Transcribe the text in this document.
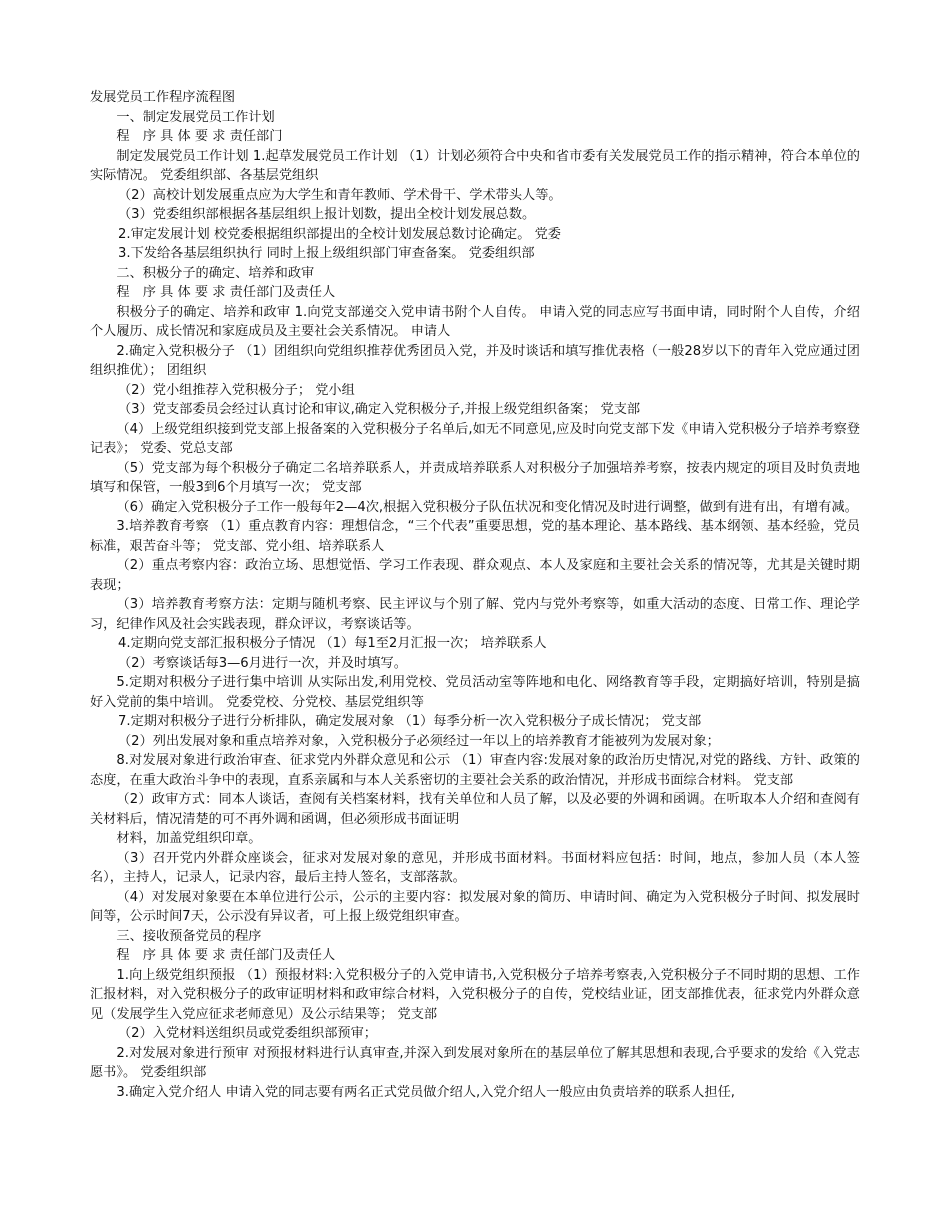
发展党员工作程序流程图

一、制定发展党员工作计划

程　序 具 体 要 求 责任部门

制定发展党员工作计划 1.起草发展党员工作计划 （1）计划必须符合中央和省市委有关发展党员工作的指示精神，符合本单位的实际情况。 党委组织部、各基层党组织

（2）高校计划发展重点应为大学生和青年教师、学术骨干、学术带头人等。

（3）党委组织部根据各基层组织上报计划数，提出全校计划发展总数。

2.审定发展计划 校党委根据组织部提出的全校计划发展总数讨论确定。 党委

3.下发给各基层组织执行 同时上报上级组织部门审查备案。 党委组织部

二、积极分子的确定、培养和政审

程　序 具 体 要 求 责任部门及责任人

积极分子的确定、培养和政审 1.向党支部递交入党申请书附个人自传。 申请入党的同志应写书面申请，同时附个人自传，介绍个人履历、成长情况和家庭成员及主要社会关系情况。 申请人

2.确定入党积极分子 （1）团组织向党组织推荐优秀团员入党，并及时谈话和填写推优表格（一般28岁以下的青年入党应通过团组织推优）； 团组织

（2）党小组推荐入党积极分子； 党小组

（3）党支部委员会经过认真讨论和审议,确定入党积极分子,并报上级党组织备案； 党支部

（4）上级党组织接到党支部上报备案的入党积极分子名单后,如无不同意见,应及时向党支部下发《申请入党积极分子培养考察登记表》； 党委、党总支部

（5）党支部为每个积极分子确定二名培养联系人，并责成培养联系人对积极分子加强培养考察，按表内规定的项目及时负责地填写和保管，一般3到6个月填写一次； 党支部

（6）确定入党积极分子工作一般每年2—4次,根据入党积极分子队伍状况和变化情况及时进行调整，做到有进有出，有增有减。

3.培养教育考察 （1）重点教育内容：理想信念，“三个代表”重要思想，党的基本理论、基本路线、基本纲领、基本经验，党员标准，艰苦奋斗等； 党支部、党小组、培养联系人

（2）重点考察内容：政治立场、思想觉悟、学习工作表现、群众观点、本人及家庭和主要社会关系的情况等，尤其是关键时期表现；

（3）培养教育考察方法：定期与随机考察、民主评议与个别了解、党内与党外考察等，如重大活动的态度、日常工作、理论学习，纪律作风及社会实践表现，群众评议，考察谈话等。

4.定期向党支部汇报积极分子情况 （1）每1至2月汇报一次； 培养联系人

（2）考察谈话每3—6月进行一次，并及时填写。

5.定期对积极分子进行集中培训 从实际出发,利用党校、党员活动室等阵地和电化、网络教育等手段，定期搞好培训，特别是搞好入党前的集中培训。 党委党校、分党校、基层党组织等

7.定期对积极分子进行分析排队，确定发展对象 （1）每季分析一次入党积极分子成长情况； 党支部

（2）列出发展对象和重点培养对象，入党积极分子必须经过一年以上的培养教育才能被列为发展对象；

8.对发展对象进行政治审查、征求党内外群众意见和公示 （1）审查内容:发展对象的政治历史情况,对党的路线、方针、政策的态度，在重大政治斗争中的表现，直系亲属和与本人关系密切的主要社会关系的政治情况，并形成书面综合材料。 党支部

（2）政审方式：同本人谈话，查阅有关档案材料，找有关单位和人员了解，以及必要的外调和函调。在听取本人介绍和查阅有关材料后，情况清楚的可不再外调和函调，但必须形成书面证明

材料，加盖党组织印章。

（3）召开党内外群众座谈会，征求对发展对象的意见，并形成书面材料。书面材料应包括：时间，地点，参加人员（本人签名），主持人，记录人，记录内容，最后主持人签名，支部落款。

（4）对发展对象要在本单位进行公示，公示的主要内容：拟发展对象的简历、申请时间、确定为入党积极分子时间、拟发展时间等，公示时间7天，公示没有异议者，可上报上级党组织审查。

三、接收预备党员的程序

程　序 具 体 要 求 责任部门及责任人

1.向上级党组织预报 （1）预报材料:入党积极分子的入党申请书,入党积极分子培养考察表,入党积极分子不同时期的思想、工作汇报材料，对入党积极分子的政审证明材料和政审综合材料，入党积极分子的自传，党校结业证，团支部推优表，征求党内外群众意见（发展学生入党应征求老师意见）及公示结果等； 党支部

（2）入党材料送组织员或党委组织部预审；

2.对发展对象进行预审 对预报材料进行认真审查,并深入到发展对象所在的基层单位了解其思想和表现,合乎要求的发给《入党志愿书》。 党委组织部

3.确定入党介绍人 申请入党的同志要有两名正式党员做介绍人,入党介绍人一般应由负责培养的联系人担任,
